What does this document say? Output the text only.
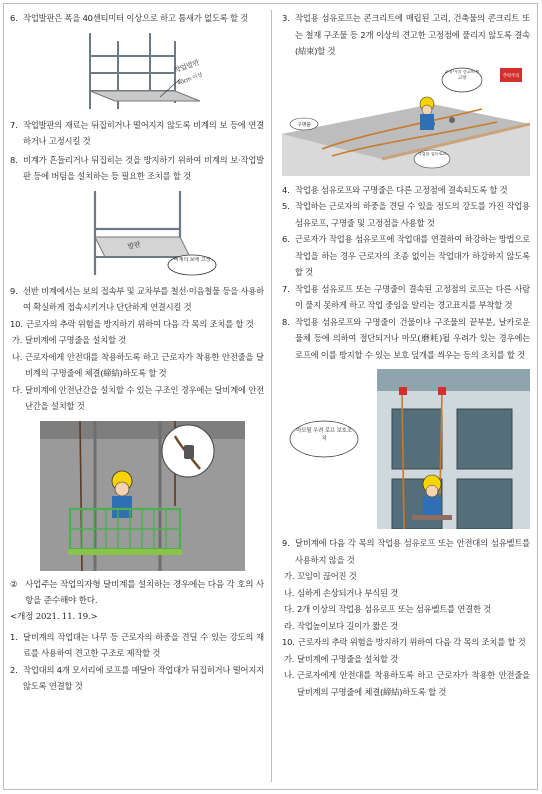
6. 작업발판은 폭을 40센티미터 이상으로 하고 틈새가 없도록 할 것
작업발판
40cm 이상
7. 작업발판의 재료는 뒤집히거나 떨어지지 않도록 비계의 보 등에 연결하거나 고정시킬 것
8. 비계가 흔들리거나 뒤집히는 것을 방지하기 위하여 비계의 보·작업발판 등에 버팀을 설치하는 등 필요한 조치를 할 것
발판
비계의 보에 고정
9. 선반 비계에서는 보의 접속부 및 교차부를 철선·이음철물 등을 사용하여 확실하게 접속시키거나 단단하게 연결시킬 것
10. 근로자의 추락 위험을 방지하기 위하여 다음 각 목의 조치를 할 것
가. 달비계에 구명줄을 설치할 것
나. 근로자에게 안전대를 착용하도록 하고 근로자가 착용한 안전줄을 달비계의 구명줄에 체결(締結)하도록 할 것
다. 달비계에 안전난간을 설치할 수 있는 구조인 경우에는 달비계에 안전난간을 설치할 것
② 사업주는 작업의자형 달비계를 설치하는 경우에는 다음 각 호의 사항을 준수해야 한다.
<개정 2021. 11. 19.>
1. 달비계의 작업대는 나무 등 근로자의 하중을 견딜 수 있는 강도의 재료를 사용하여 견고한 구조로 제작할 것
2. 작업대의 4개 모서리에 로프를 매달아 작업대가 뒤집히거나 떨어지지 않도록 연결할 것
3. 작업용 섬유로프는 콘크리트에 매립된 고리, 건축물의 콘크리트 또는 철재 구조물 등 2개 이상의 견고한 고정점에 풀리지 않도록 결속(結束)할 것
2개 이상 견고하게 고정	추락주의
구명줄
작업용 섬유로프
4. 작업용 섬유로프와 구명줄은 다른 고정점에 결속되도록 할 것
5. 작업하는 근로자의 하중을 견딜 수 있을 정도의 강도를 가진 작업용 섬유로프, 구명줄 및 고정점을 사용할 것
6. 근로자가 작업용 섬유로프에 작업대를 연결하여 하강하는 방법으로 작업을 하는 경우 근로자의 조종 없이는 작업대가 하강하지 않도록 할 것
7. 작업용 섬유로프 또는 구명줄이 결속된 고정점의 로프는 다른 사람이 풀지 못하게 하고 작업 중임을 알리는 경고표지를 부착할 것
8. 작업용 섬유로프와 구명줄이 건물이나 구조물의 끝부분, 날카로운 물체 등에 의하여 절단되거나 마모(磨耗)될 우려가 있는 경우에는 로프에 이를 방지할 수 있는 보호 덮개를 씌우는 등의 조치를 할 것
마모될 우려 로프 보호조치
9. 달비계에 다음 각 목의 작업용 섬유로프 또는 안전대의 섬유벨트를 사용하지 않을 것
가. 꼬임이 끊어진 것
나. 심하게 손상되거나 부식된 것
다. 2개 이상의 작업용 섬유로프 또는 섬유벨트를 연결한 것
라. 작업높이보다 길이가 짧은 것
10. 근로자의 추락 위험을 방지하기 위하여 다음 각 목의 조치를 할 것
가. 달비계에 구명줄을 설치할 것
나. 근로자에게 안전대를 착용하도록 하고 근로자가 착용한 안전줄을 달비계의 구명줄에 체결(締結)하도록 할 것
